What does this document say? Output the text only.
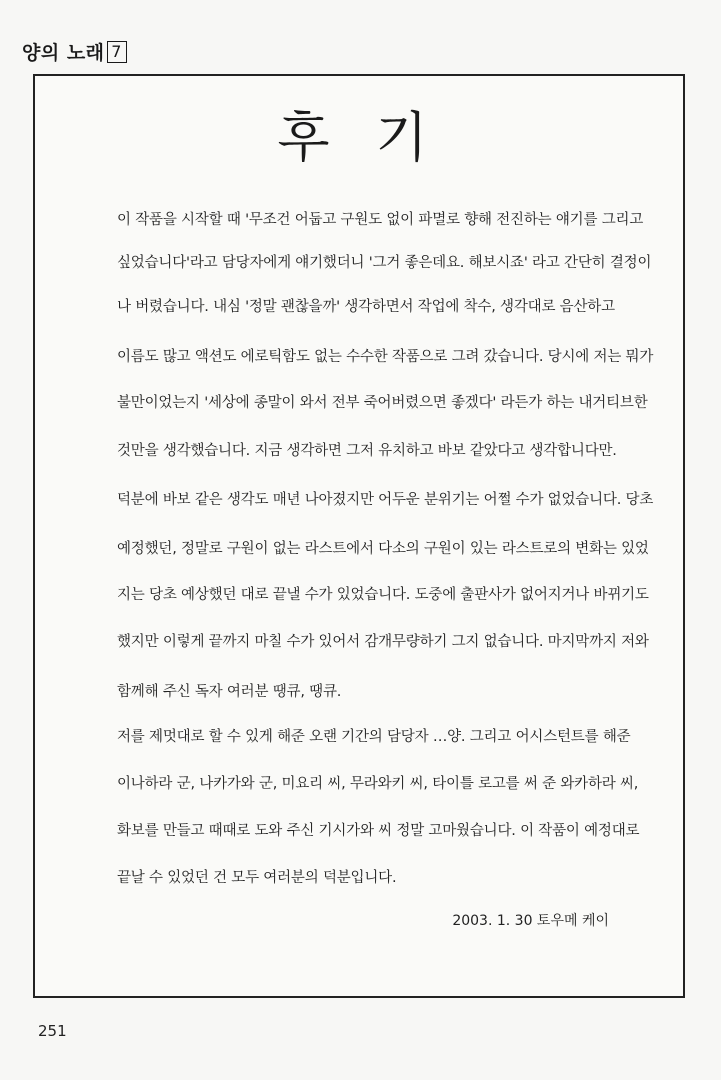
양의 노래 7
후기
이 작품을 시작할 때 '무조건 어둡고 구원도 없이 파멸로 향해 전진하는 얘기를 그리고
싶었습니다'라고 담당자에게 얘기했더니 '그거 좋은데요. 해보시죠' 라고 간단히 결정이
나 버렸습니다. 내심 '정말 괜찮을까' 생각하면서 작업에 착수, 생각대로 음산하고
이름도 많고 액션도 에로틱함도 없는 수수한 작품으로 그려 갔습니다. 당시에 저는 뭐가
불만이었는지 '세상에 종말이 와서 전부 죽어버렸으면 좋겠다' 라든가 하는 내거티브한
것만을 생각했습니다. 지금 생각하면 그저 유치하고 바보 같았다고 생각합니다만.
덕분에 바보 같은 생각도 매년 나아졌지만 어두운 분위기는 어쩔 수가 없었습니다. 당초
예정했던, 정말로 구원이 없는 라스트에서 다소의 구원이 있는 라스트로의 변화는 있었
지는 당초 예상했던 대로 끝낼 수가 있었습니다. 도중에 출판사가 없어지거나 바뀌기도
했지만 이렇게 끝까지 마칠 수가 있어서 감개무량하기 그지 없습니다. 마지막까지 저와
함께해 주신 독자 여러분 땡큐, 땡큐.
저를 제멋대로 할 수 있게 해준 오랜 기간의 담당자 …양. 그리고 어시스턴트를 해준
이나하라 군, 나카가와 군, 미요리 씨, 무라와키 씨, 타이틀 로고를 써 준 와카하라 씨,
화보를 만들고 때때로 도와 주신 기시가와 씨 정말 고마웠습니다. 이 작품이 예정대로
끝날 수 있었던 건 모두 여러분의 덕분입니다.
2003. 1. 30 토우메 케이
251
